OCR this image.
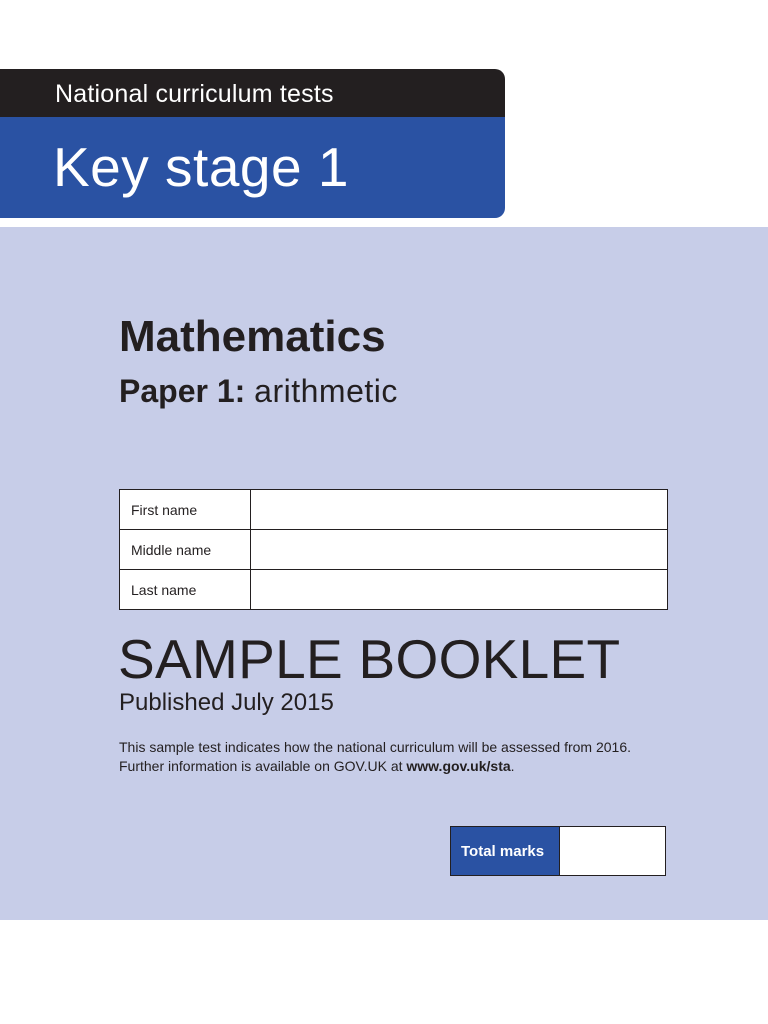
National curriculum tests
Key stage 1
Mathematics
Paper 1: arithmetic
First name
Middle name
Last name
SAMPLE BOOKLET
Published July 2015
This sample test indicates how the national curriculum will be assessed from 2016.
Further information is available on GOV.UK at www.gov.uk/sta.
Total marks
